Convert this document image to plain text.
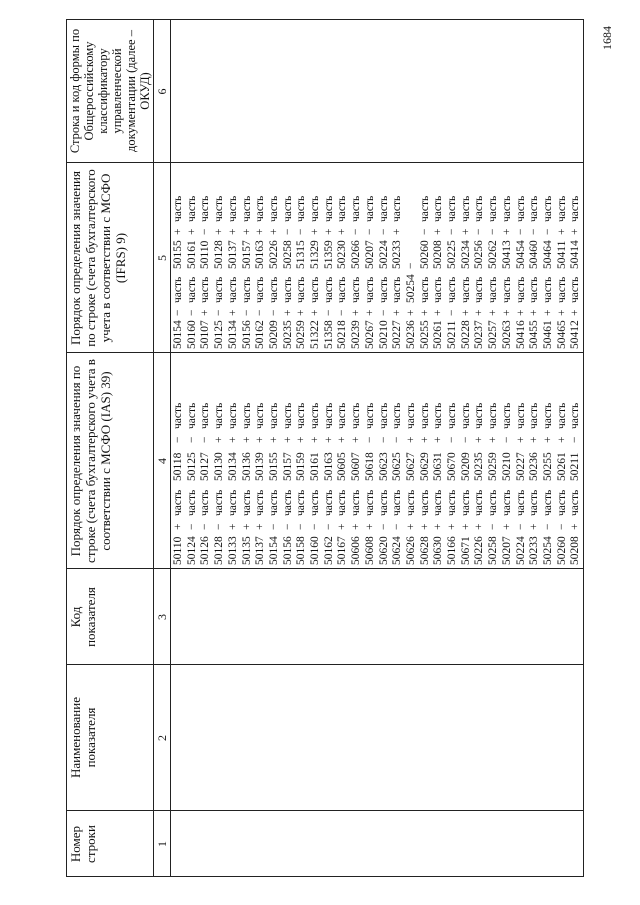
Номер строки
Наименование показателя
Код показателя
Порядок определения значения по строке (счета бухгалтерского учета в соответствии с МСФО (IAS) 39)
Порядок определения значения по строке (счета бухгалтерского учета в соответствии с МСФО (IFRS) 9)
Строка и код формы по Общероссийскому классификатору управленческой документации (далее – ОКУД)
1
2
3
4
5
6
50110
+
часть
50118
−
часть
50124
−
часть
50125
−
часть
50126
−
часть
50127
−
часть
50128
−
часть
50130
+
часть
50133
+
часть
50134
+
часть
50135
+
часть
50136
+
часть
50137
+
часть
50139
+
часть
50154
−
часть
50155
+
часть
50156
−
часть
50157
+
часть
50158
−
часть
50159
+
часть
50160
−
часть
50161
+
часть
50162
−
часть
50163
+
часть
50167
+
часть
50605
+
часть
50606
+
часть
50607
+
часть
50608
+
часть
50618
−
часть
50620
−
часть
50623
−
часть
50624
−
часть
50625
−
часть
50626
+
часть
50627
+
часть
50628
+
часть
50629
+
часть
50630
+
часть
50631
+
часть
50166
+
часть
50670
−
часть
50671
+
часть
50209
−
часть
50226
+
часть
50235
+
часть
50258
−
часть
50259
+
часть
50207
+
часть
50210
−
часть
50224
−
часть
50227
+
часть
50233
+
часть
50236
+
часть
50254
−
часть
50255
+
часть
50260
−
часть
50261
+
часть
50208
+
часть
50211
−
часть
50154
−
часть
50155
+
часть
50160
−
часть
50161
+
часть
50107
+
часть
50110
−
часть
50125
−
часть
50128
+
часть
50134
+
часть
50137
+
часть
50156
−
часть
50157
+
часть
50162
−
часть
50163
+
часть
50209
−
часть
50226
+
часть
50235
+
часть
50258
−
часть
50259
+
часть
51315
−
часть
51322
+
часть
51329
+
часть
51358
−
часть
51359
+
часть
50218
−
часть
50230
+
часть
50239
+
часть
50266
−
часть
50267
+
часть
50207
−
часть
50210
−
часть
50224
−
часть
50227
+
часть
50233
+
часть
50236
+
50254
−
50255
+
часть
50260
−
часть
50261
+
часть
50208
+
часть
50211
−
часть
50225
−
часть
50228
+
часть
50234
+
часть
50237
+
часть
50256
−
часть
50257
+
часть
50262
−
часть
50263
+
часть
50413
+
часть
50416
+
часть
50454
−
часть
50455
+
часть
50460
−
часть
50461
+
часть
50464
−
часть
50465
+
часть
50411
+
часть
50412
+
часть
50414
+
часть
1684
